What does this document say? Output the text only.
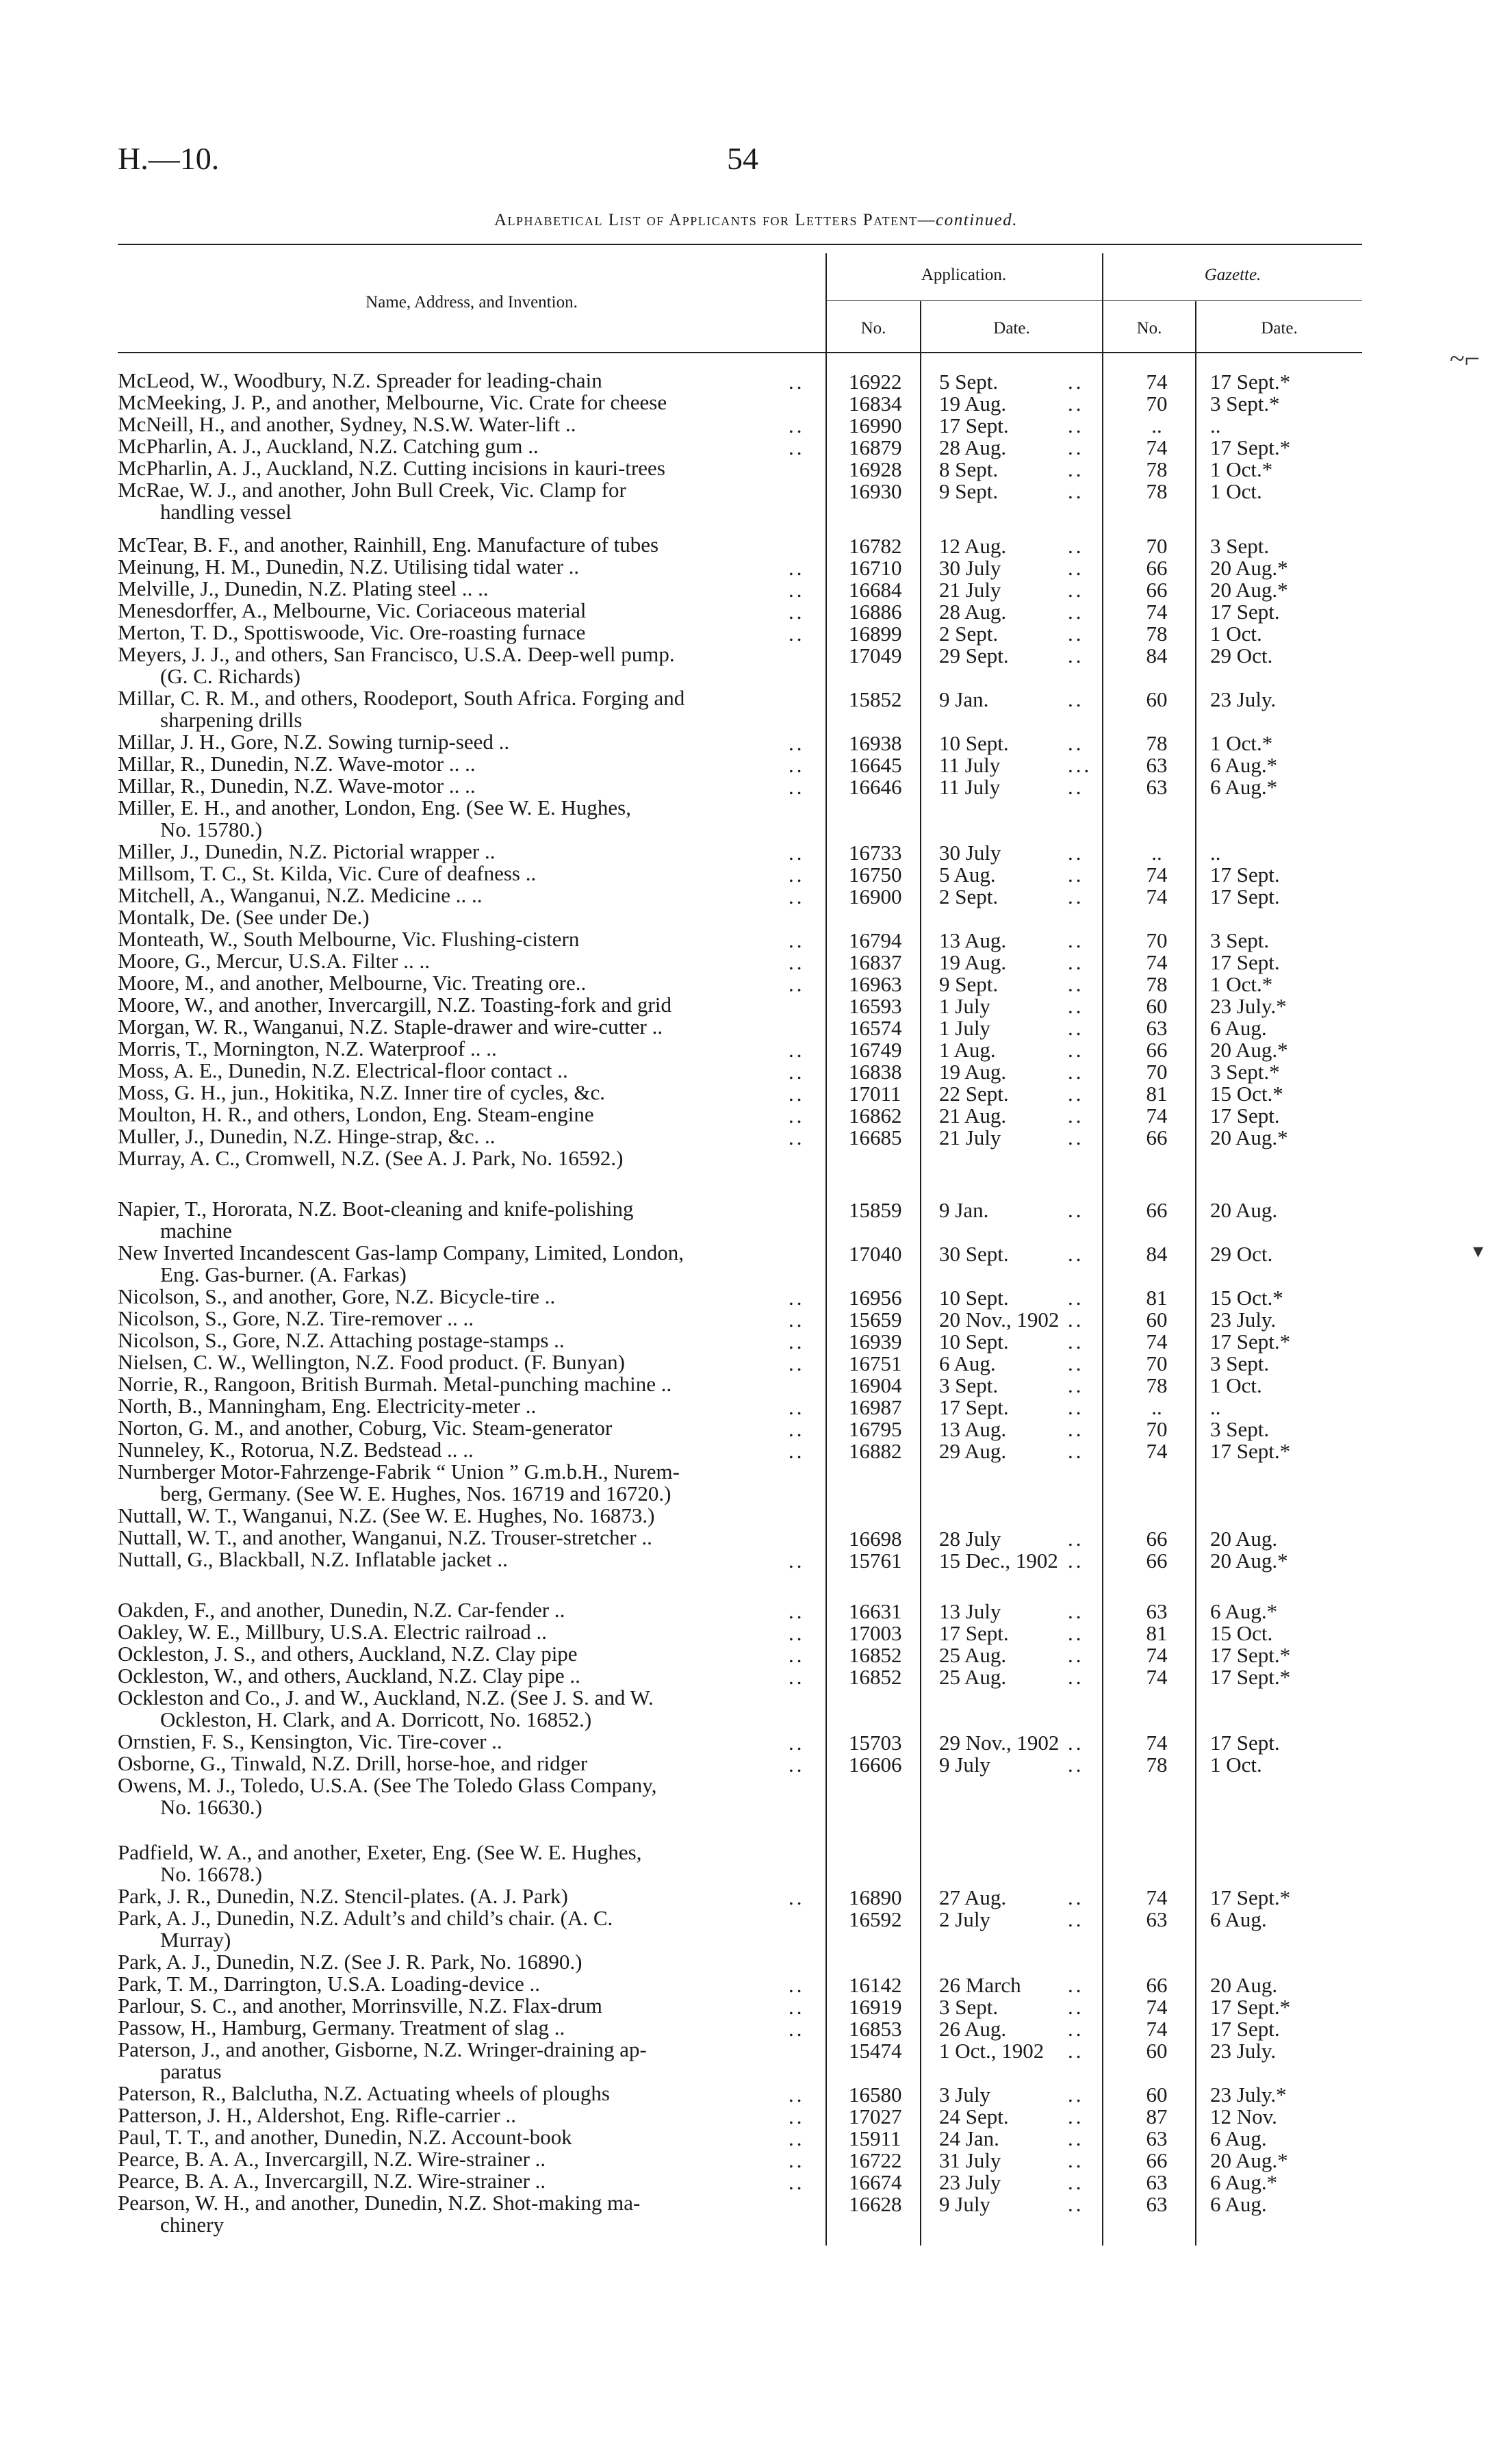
H.—10.	54
Alphabetical List of Applicants for Letters Patent—continued.
Name, Address, and Invention.
Application.	Gazette.
No.	Date.	No.	Date.
McLeod, W., Woodbury, N.Z. Spreader for leading-chain	.. 16922	5 Sept.	..	74	17 Sept.*
McMeeking, J. P., and another, Melbourne, Vic. Crate for cheese	16834	19 Aug.	..	70	3 Sept.*
McNeill, H., and another, Sydney, N.S.W. Water-lift ..	.. 16990	17 Sept.	..	..	..
McPharlin, A. J., Auckland, N.Z. Catching gum ..	.. 16879	28 Aug.	..	74	17 Sept.*
McPharlin, A. J., Auckland, N.Z. Cutting incisions in kauri-trees	16928	8 Sept.	..	78	1 Oct.*
McRae, W. J., and another, John Bull Creek, Vic. Clamp for
handling vessel
16930	9 Sept.	..	78	1 Oct.
McTear, B. F., and another, Rainhill, Eng. Manufacture of tubes	16782	12 Aug.	..	70	3 Sept.
Meinung, H. M., Dunedin, N.Z. Utilising tidal water ..	.. 16710	30 July	..	66	20 Aug.*
Melville, J., Dunedin, N.Z. Plating steel .. ..	.. 16684	21 July	..	66	20 Aug.*
Menesdorffer, A., Melbourne, Vic. Coriaceous material	.. 16886	28 Aug.	..	74	17 Sept.
Merton, T. D., Spottiswoode, Vic. Ore-roasting furnace	.. 16899	2 Sept.	..	78	1 Oct.
Meyers, J. J., and others, San Francisco, U.S.A. Deep-well pump.
(G. C. Richards)
17049	29 Sept.	..	84	29 Oct.
Millar, C. R. M., and others, Roodeport, South Africa. Forging and
sharpening drills
15852	9 Jan.	..	60	23 July.
Millar, J. H., Gore, N.Z. Sowing turnip-seed ..	.. 16938	10 Sept.	..	78	1 Oct.*
Millar, R., Dunedin, N.Z. Wave-motor .. ..	.. 16645	11 July	...	63	6 Aug.*
Millar, R., Dunedin, N.Z. Wave-motor .. ..	.. 16646	11 July	..	63	6 Aug.*
Miller, E. H., and another, London, Eng. (See W. E. Hughes,
No. 15780.)
Miller, J., Dunedin, N.Z. Pictorial wrapper ..	.. 16733	30 July	..	..	..
Millsom, T. C., St. Kilda, Vic. Cure of deafness ..	.. 16750	5 Aug.	..	74	17 Sept.
Mitchell, A., Wanganui, N.Z. Medicine .. ..	.. 16900	2 Sept.	..	74	17 Sept.
Montalk, De. (See under De.)
Monteath, W., South Melbourne, Vic. Flushing-cistern	.. 16794	13 Aug.	..	70	3 Sept.
Moore, G., Mercur, U.S.A. Filter .. ..	.. 16837	19 Aug.	..	74	17 Sept.
Moore, M., and another, Melbourne, Vic. Treating ore..	.. 16963	9 Sept.	..	78	1 Oct.*
Moore, W., and another, Invercargill, N.Z. Toasting-fork and grid	16593	1 July	..	60	23 July.*
Morgan, W. R., Wanganui, N.Z. Staple-drawer and wire-cutter ..	16574	1 July	..	63	6 Aug.
Morris, T., Mornington, N.Z. Waterproof .. ..	.. 16749	1 Aug.	..	66	20 Aug.*
Moss, A. E., Dunedin, N.Z. Electrical-floor contact ..	.. 16838	19 Aug.	..	70	3 Sept.*
Moss, G. H., jun., Hokitika, N.Z. Inner tire of cycles, &c.	.. 17011	22 Sept.	..	81	15 Oct.*
Moulton, H. R., and others, London, Eng. Steam-engine	.. 16862	21 Aug.	..	74	17 Sept.
Muller, J., Dunedin, N.Z. Hinge-strap, &c. ..	.. 16685	21 July	..	66	20 Aug.*
Murray, A. C., Cromwell, N.Z. (See A. J. Park, No. 16592.)
Napier, T., Hororata, N.Z. Boot-cleaning and knife-polishing
machine
15859	9 Jan.	..	66	20 Aug.
New Inverted Incandescent Gas-lamp Company, Limited, London,
Eng. Gas-burner. (A. Farkas)
17040	30 Sept.	..	84	29 Oct.
Nicolson, S., and another, Gore, N.Z. Bicycle-tire ..	.. 16956	10 Sept.	..	81	15 Oct.*
Nicolson, S., Gore, N.Z. Tire-remover .. ..	.. 15659	20 Nov., 1902 ..	60	23 July.
Nicolson, S., Gore, N.Z. Attaching postage-stamps ..	.. 16939	10 Sept.	..	74	17 Sept.*
Nielsen, C. W., Wellington, N.Z. Food product. (F. Bunyan)	.. 16751	6 Aug.	..	70	3 Sept.
Norrie, R., Rangoon, British Burmah. Metal-punching machine ..	16904	3 Sept.	..	78	1 Oct.
North, B., Manningham, Eng. Electricity-meter ..	.. 16987	17 Sept.	..	..	..
Norton, G. M., and another, Coburg, Vic. Steam-generator	.. 16795	13 Aug.	..	70	3 Sept.
Nunneley, K., Rotorua, N.Z. Bedstead .. ..	.. 16882	29 Aug.	..	74	17 Sept.*
Nurnberger Motor-Fahrzenge-Fabrik “ Union ” G.m.b.H., Nurem-
berg, Germany. (See W. E. Hughes, Nos. 16719 and 16720.)
Nuttall, W. T., Wanganui, N.Z. (See W. E. Hughes, No. 16873.)
Nuttall, W. T., and another, Wanganui, N.Z. Trouser-stretcher ..	16698	28 July	..	66	20 Aug.
Nuttall, G., Blackball, N.Z. Inflatable jacket ..	.. 15761	15 Dec., 1902 ..	66	20 Aug.*
Oakden, F., and another, Dunedin, N.Z. Car-fender ..	.. 16631	13 July	..	63	6 Aug.*
Oakley, W. E., Millbury, U.S.A. Electric railroad ..	.. 17003	17 Sept.	..	81	15 Oct.
Ockleston, J. S., and others, Auckland, N.Z. Clay pipe	.. 16852	25 Aug.	..	74	17 Sept.*
Ockleston, W., and others, Auckland, N.Z. Clay pipe ..	.. 16852	25 Aug.	..	74	17 Sept.*
Ockleston and Co., J. and W., Auckland, N.Z. (See J. S. and W.
Ockleston, H. Clark, and A. Dorricott, No. 16852.)
Ornstien, F. S., Kensington, Vic. Tire-cover ..	.. 15703	29 Nov., 1902 ..	74	17 Sept.
Osborne, G., Tinwald, N.Z. Drill, horse-hoe, and ridger	.. 16606	9 July	..	78	1 Oct.
Owens, M. J., Toledo, U.S.A. (See The Toledo Glass Company,
No. 16630.)
Padfield, W. A., and another, Exeter, Eng. (See W. E. Hughes,
No. 16678.)
Park, J. R., Dunedin, N.Z. Stencil-plates. (A. J. Park)	.. 16890	27 Aug.	..	74	17 Sept.*
Park, A. J., Dunedin, N.Z. Adult’s and child’s chair. (A. C.
Murray)
16592	2 July	..	63	6 Aug.
Park, A. J., Dunedin, N.Z. (See J. R. Park, No. 16890.)
Park, T. M., Darrington, U.S.A. Loading-device ..	.. 16142	26 March	..	66	20 Aug.
Parlour, S. C., and another, Morrinsville, N.Z. Flax-drum	.. 16919	3 Sept.	..	74	17 Sept.*
Passow, H., Hamburg, Germany. Treatment of slag ..	.. 16853	26 Aug.	..	74	17 Sept.
Paterson, J., and another, Gisborne, N.Z. Wringer-draining ap-
paratus
15474	1 Oct., 1902	..	60	23 July.
Paterson, R., Balclutha, N.Z. Actuating wheels of ploughs	.. 16580	3 July	..	60	23 July.*
Patterson, J. H., Aldershot, Eng. Rifle-carrier ..	.. 17027	24 Sept.	..	87	12 Nov.
Paul, T. T., and another, Dunedin, N.Z. Account-book	.. 15911	24 Jan.	..	63	6 Aug.
Pearce, B. A. A., Invercargill, N.Z. Wire-strainer ..	.. 16722	31 July	..	66	20 Aug.*
Pearce, B. A. A., Invercargill, N.Z. Wire-strainer ..	.. 16674	23 July	..	63	6 Aug.*
Pearson, W. H., and another, Dunedin, N.Z. Shot-making ma-
chinery
16628	9 July	..	63	6 Aug.
~⌐
▾
